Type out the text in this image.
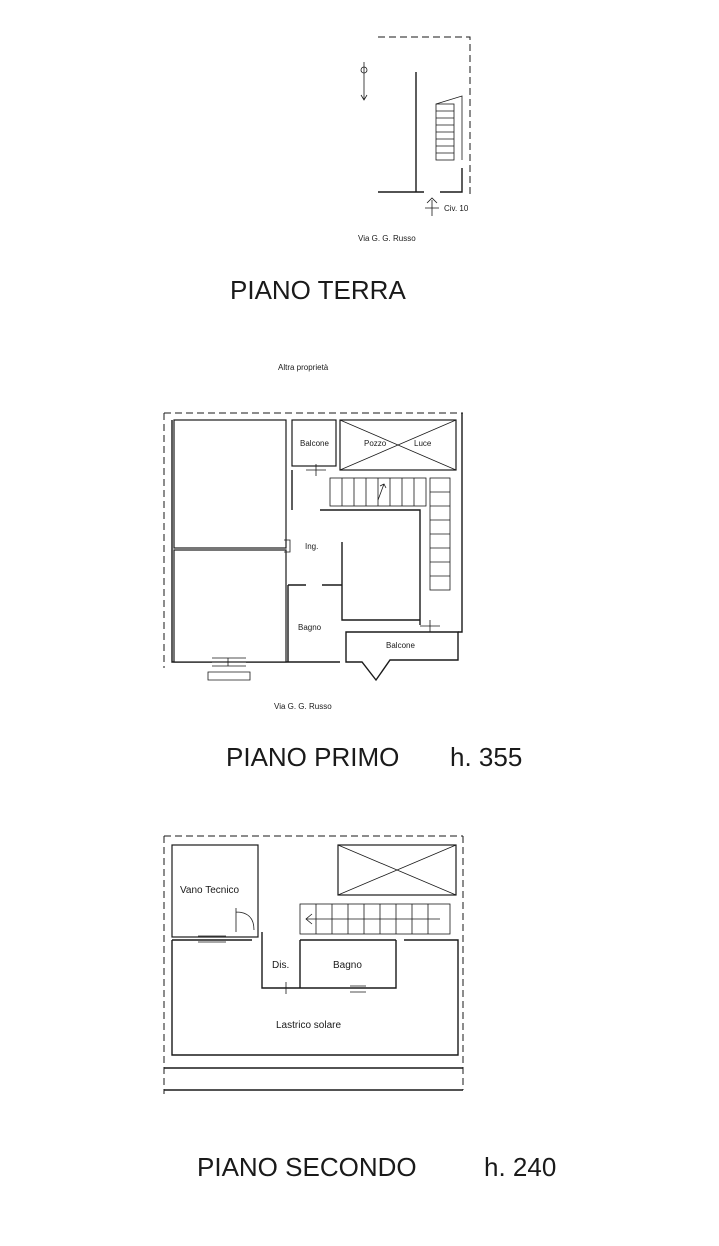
Civ. 10
Via G. G. Russo
PIANO TERRA
Altra proprietà
Balcone	Pozzo	Luce
Ing.
Bagno
Balcone
Via G. G. Russo
PIANO PRIMO h. 355
Vano Tecnico
Dis.	Bagno
Lastrico solare
PIANO SECONDO	h. 240
